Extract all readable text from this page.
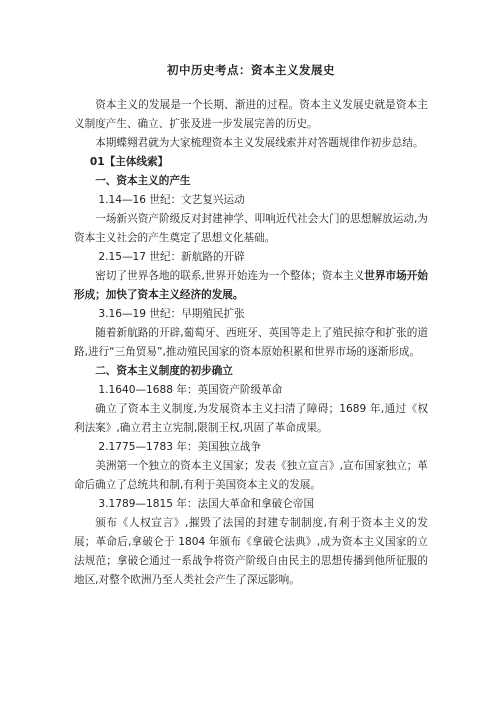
初中历史考点：资本主义发展史

资本主义的发展是一个长期、渐进的过程。资本主义发展史就是资本主义制度产生、确立、扩张及进一步发展完善的历史。

本期蝶翙君就为大家梳理资本主义发展线索并对答题规律作初步总结。

01【主体线索】

一、资本主义的产生

1.14—16 世纪：文艺复兴运动

一场新兴资产阶级反对封建神学、叩响近代社会大门的思想解放运动,为资本主义社会的产生奠定了思想文化基础。

2.15—17 世纪：新航路的开辟

密切了世界各地的联系,世界开始连为一个整体；资本主义世界市场开始形成；加快了资本主义经济的发展。

3.16—19 世纪：早期殖民扩张

随着新航路的开辟,葡萄牙、西班牙、英国等走上了殖民掠夺和扩张的道路,进行“三角贸易”,推动殖民国家的资本原始积累和世界市场的逐渐形成。

二、资本主义制度的初步确立

1.1640—1688 年：英国资产阶级革命

确立了资本主义制度,为发展资本主义扫清了障碍；1689 年,通过《权利法案》,确立君主立宪制,限制王权,巩固了革命成果。

2.1775—1783 年：美国独立战争

美洲第一个独立的资本主义国家；发表《独立宣言》,宣布国家独立；革命后确立了总统共和制,有利于美国资本主义的发展。

3.1789—1815 年：法国大革命和拿破仑帝国

颁布《人权宣言》,摧毁了法国的封建专制制度,有利于资本主义的发展；革命后,拿破仑于 1804 年颁布《拿破仑法典》,成为资本主义国家的立法规范；拿破仑通过一系战争将资产阶级自由民主的思想传播到他所征服的地区,对整个欧洲乃至人类社会产生了深远影响。
